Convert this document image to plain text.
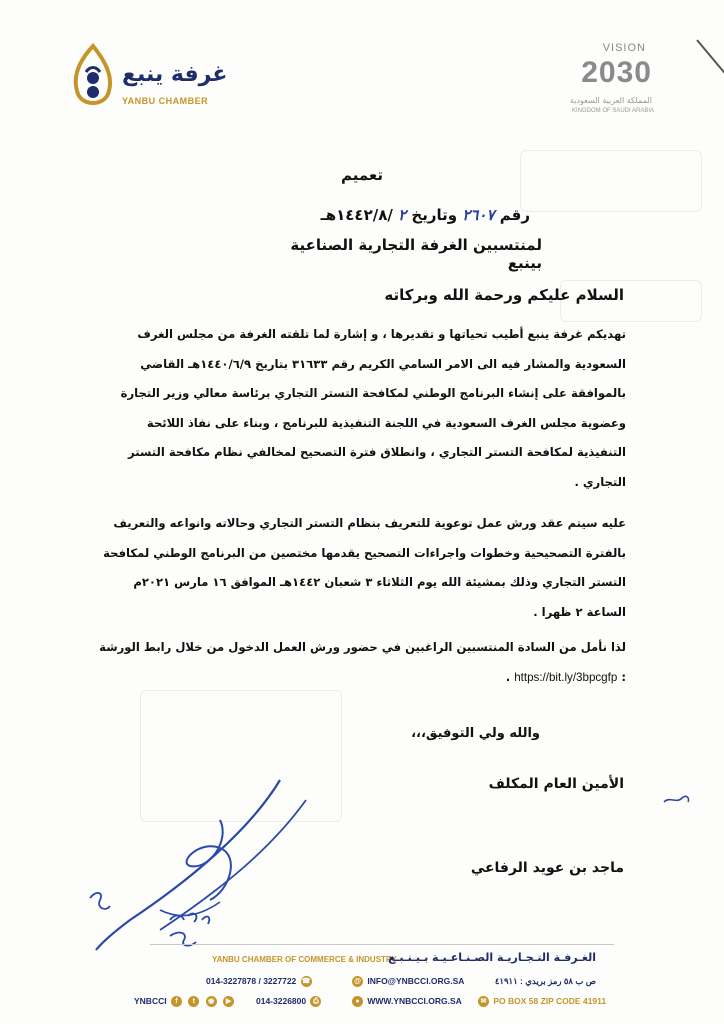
غرفة ينبع
YANBU CHAMBER
VISION
2030
المملكة العربية السعودية
KINGDOM OF SAUDI ARABIA
تعميم
رقم ٢٦٠٧ وتاريخ ٢ /١٤٤٢/٨هـ
لمنتسبين الغرفة التجارية الصناعية بينبع
السلام عليكم ورحمة الله وبركاته
تهديكم غرفة ينبع أطيب تحياتها و تقديرها ، و إشارة لما تلقته الغرفة من مجلس الغرف السعودية والمشار فيه الى الامر السامي الكريم رقم ٣١٦٣٣ بتاريخ ١٤٤٠/٦/٩هـ القاضي بالموافقة على إنشاء البرنامج الوطني لمكافحة التستر التجاري برئاسة معالي وزير التجارة وعضوية مجلس الغرف السعودية في اللجنة التنفيذية للبرنامج ، وبناء على نفاذ اللائحة التنفيذية لمكافحة التستر التجاري ، وانطلاق فترة التصحيح لمخالفي نظام مكافحة التستر التجاري .
عليه سيتم عقد ورش عمل توعوية للتعريف بنظام التستر التجاري وحالاته وانواعه والتعريف بالفترة التصحيحية وخطوات واجراءات التصحيح يقدمها مختصين من البرنامج الوطني لمكافحة التستر التجاري وذلك بمشيئة الله يوم الثلاثاء ٣ شعبان ١٤٤٢هـ الموافق ١٦ مارس ٢٠٢١م الساعة ٢ ظهرا .
لذا نأمل من السادة المنتسبين الراغبين في حضور ورش العمل الدخول من خلال رابط الورشة : https://bit.ly/3bpcgfp .
والله ولي التوفيق،،،
الأمين العام المكلف
ماجد بن عويد الرفاعي
YANBU CHAMBER OF COMMERCE & INDUSTRY
الغـرفـة التـجـاريـة الصـنـاعـيـة بـيـنـبـع
014-3227878 / 3227722 ☎	@ INFO@YNBCCI.ORG.SA	ص ب ٥٨ رمز بريدي : ٤١٩١١
YNBCCI f t ◉ ▶	014-3226800 ⎙	● WWW.YNBCCI.ORG.SA	✉ PO BOX 58 ZIP CODE 41911
